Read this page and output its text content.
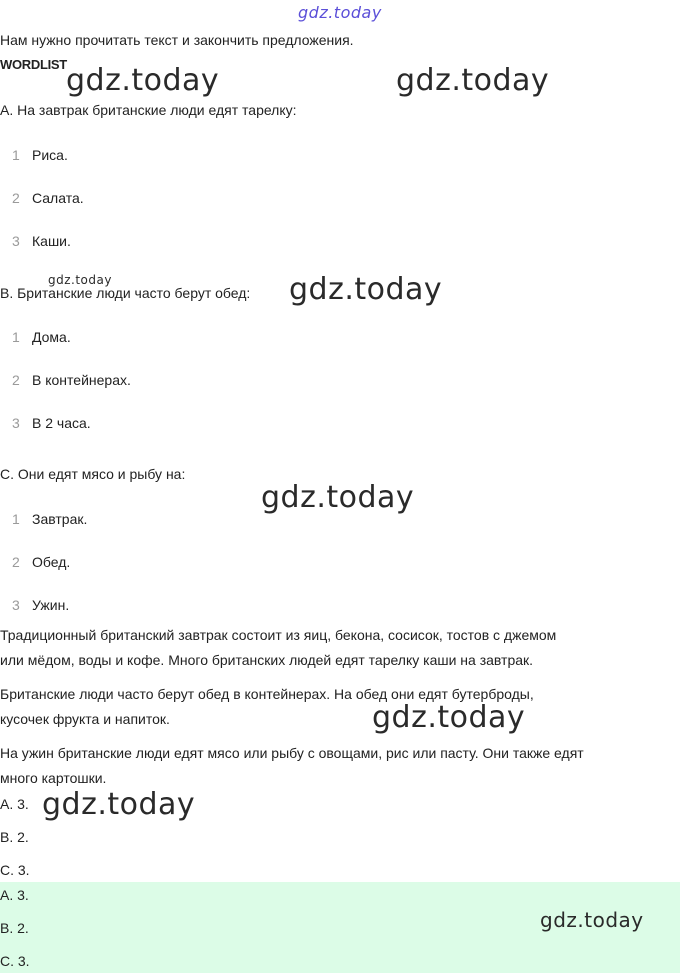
gdz.today
Нам нужно прочитать текст и закончить предложения.
WORDLIST gdz.today	gdz.today
A. На завтрак британские люди едят тарелку:
1 Риса.
2 Салата.
3 Каши.
gdz.today
B. Британские люди часто берут обед: gdz.today
1 Дома.
2 В контейнерах.
3 В 2 часа.
C. Они едят мясо и рыбу на:
gdz.today
1 Завтрак.
2 Обед.
3 Ужин.
Традиционный британский завтрак состоит из яиц, бекона, сосисок, тостов с джемом
или мёдом, воды и кофе. Много британских людей едят тарелку каши на завтрак.
Британские люди часто берут обед в контейнерах. На обед они едят бутерброды,
кусочек фрукта и напиток.	gdz.today
На ужин британские люди едят мясо или рыбу с овощами, рис или пасту. Они также едят
много картошки.
A. 3. gdz.today
B. 2.
C. 3.
A. 3.
B. 2.
C. 3.
gdz.today
